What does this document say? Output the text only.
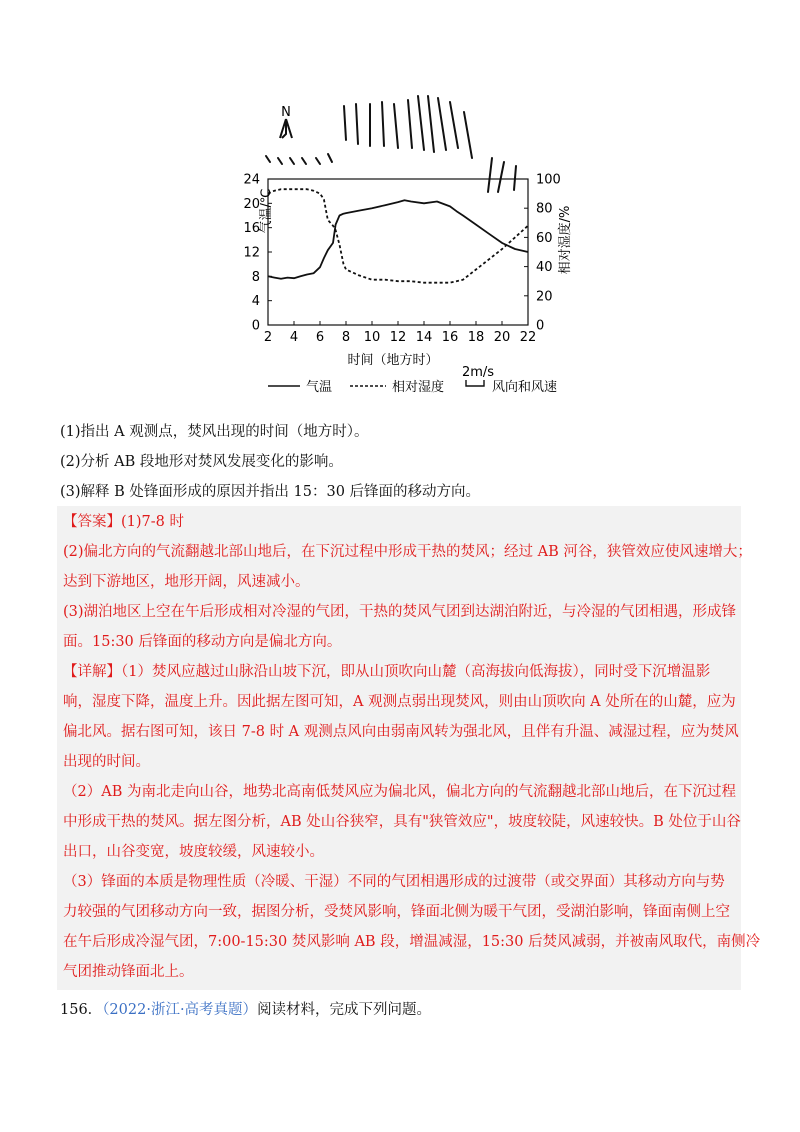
N
2 4 6 8 10 12 14 16 18 20 22
0
4
8
12
16
20
24
0
20
40
60
80
100
气温/℃	相对湿度/%
时间（地方时）
2m/s
气温	相对湿度	风向和风速
(1)指出 A 观测点，焚风出现的时间（地方时）。
(2)分析 AB 段地形对焚风发展变化的影响。
(3)解释 B 处锋面形成的原因并指出 15：30 后锋面的移动方向。
【答案】(1)7-8 时
(2)偏北方向的气流翻越北部山地后，在下沉过程中形成干热的焚风；经过 AB 河谷，狭管效应使风速增大；
达到下游地区，地形开阔，风速减小。
(3)湖泊地区上空在午后形成相对冷湿的气团，干热的焚风气团到达湖泊附近，与冷湿的气团相遇，形成锋
面。15:30 后锋面的移动方向是偏北方向。
【详解】（1）焚风应越过山脉沿山坡下沉，即从山顶吹向山麓（高海拔向低海拔），同时受下沉增温影
响，湿度下降，温度上升。因此据左图可知，A 观测点弱出现焚风，则由山顶吹向 A 处所在的山麓，应为
偏北风。据右图可知，该日 7-8 时 A 观测点风向由弱南风转为强北风，且伴有升温、减湿过程，应为焚风
出现的时间。
（2）AB 为南北走向山谷，地势北高南低焚风应为偏北风，偏北方向的气流翻越北部山地后，在下沉过程
中形成干热的焚风。据左图分析，AB 处山谷狭窄，具有"狭管效应"，坡度较陡，风速较快。B 处位于山谷
出口，山谷变宽，坡度较缓，风速较小。
（3）锋面的本质是物理性质（冷暖、干湿）不同的气团相遇形成的过渡带（或交界面）其移动方向与势
力较强的气团移动方向一致，据图分析，受焚风影响，锋面北侧为暖干气团，受湖泊影响，锋面南侧上空
在午后形成冷湿气团，7:00-15:30 焚风影响 AB 段，增温减湿，15:30 后焚风减弱，并被南风取代，南侧冷
气团推动锋面北上。
156．（2022·浙江·高考真题）阅读材料，完成下列问题。
